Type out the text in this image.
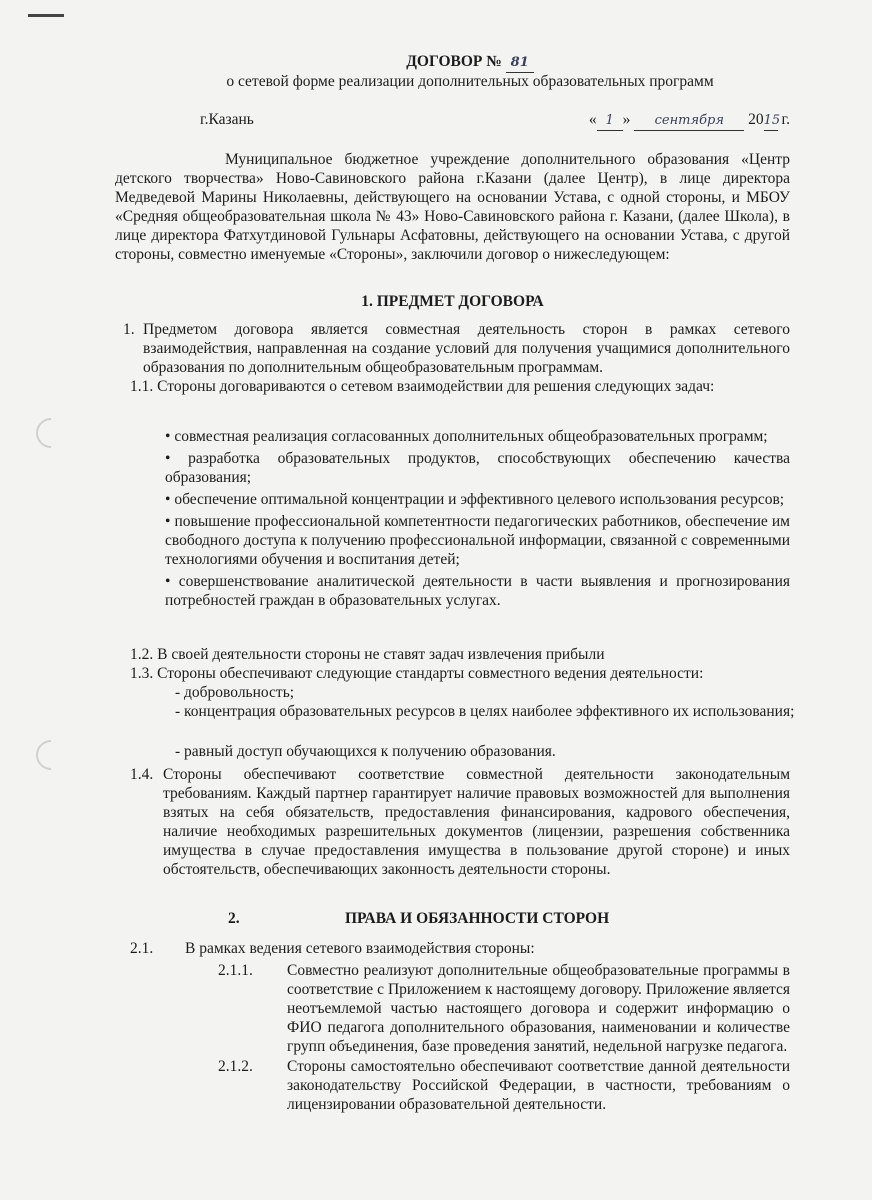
ДОГОВОР № 81
о сетевой форме реализации дополнительных образовательных программ
г.Казань	« 1 » сентября 2015 г.
Муниципальное бюджетное учреждение дополнительного образования «Центр детского творчества» Ново-Савиновского района г.Казани (далее Центр), в лице директора Медведевой Марины Николаевны, действующего на основании Устава, с одной стороны, и МБОУ «Средняя общеобразовательная школа № 43» Ново-Савиновского района г. Казани, (далее Школа), в лице директора Фатхутдиновой Гульнары Асфатовны, действующего на основании Устава, с другой стороны, совместно именуемые «Стороны», заключили договор о нижеследующем:
1. ПРЕДМЕТ ДОГОВОРА
1. Предметом договора является совместная деятельность сторон в рамках сетевого взаимодействия, направленная на создание условий для получения учащимися дополнительного образования по дополнительным общеобразовательным программам.
1.1. Стороны договариваются о сетевом взаимодействии для решения следующих задач:
• совместная реализация согласованных дополнительных общеобразовательных программ;
• разработка образовательных продуктов, способствующих обеспечению качества образования;
• обеспечение оптимальной концентрации и эффективного целевого использования ресурсов;
• повышение профессиональной компетентности педагогических работников, обеспечение им свободного доступа к получению профессиональной информации, связанной с современными технологиями обучения и воспитания детей;
• совершенствование аналитической деятельности в части выявления и прогнозирования потребностей граждан в образовательных услугах.
1.2. В своей деятельности стороны не ставят задач извлечения прибыли
1.3. Стороны обеспечивают следующие стандарты совместного ведения деятельности:
- добровольность;
- концентрация образовательных ресурсов в целях наиболее эффективного их использования;
- равный доступ обучающихся к получению образования.
1.4. Стороны обеспечивают соответствие совместной деятельности законодательным требованиям. Каждый партнер гарантирует наличие правовых возможностей для выполнения взятых на себя обязательств, предоставления финансирования, кадрового обеспечения, наличие необходимых разрешительных документов (лицензии, разрешения собственника имущества в случае предоставления имущества в пользование другой стороне) и иных обстоятельств, обеспечивающих законность деятельности стороны.
2.	ПРАВА И ОБЯЗАННОСТИ СТОРОН
2.1. В рамках ведения сетевого взаимодействия стороны:
2.1.1. Совместно реализуют дополнительные общеобразовательные программы в соответствие с Приложением к настоящему договору. Приложение является неотъемлемой частью настоящего договора и содержит информацию о ФИО педагога дополнительного образования, наименовании и количестве групп объединения, базе проведения занятий, недельной нагрузке педагога.
2.1.2. Стороны самостоятельно обеспечивают соответствие данной деятельности законодательству Российской Федерации, в частности, требованиям о лицензировании образовательной деятельности.
